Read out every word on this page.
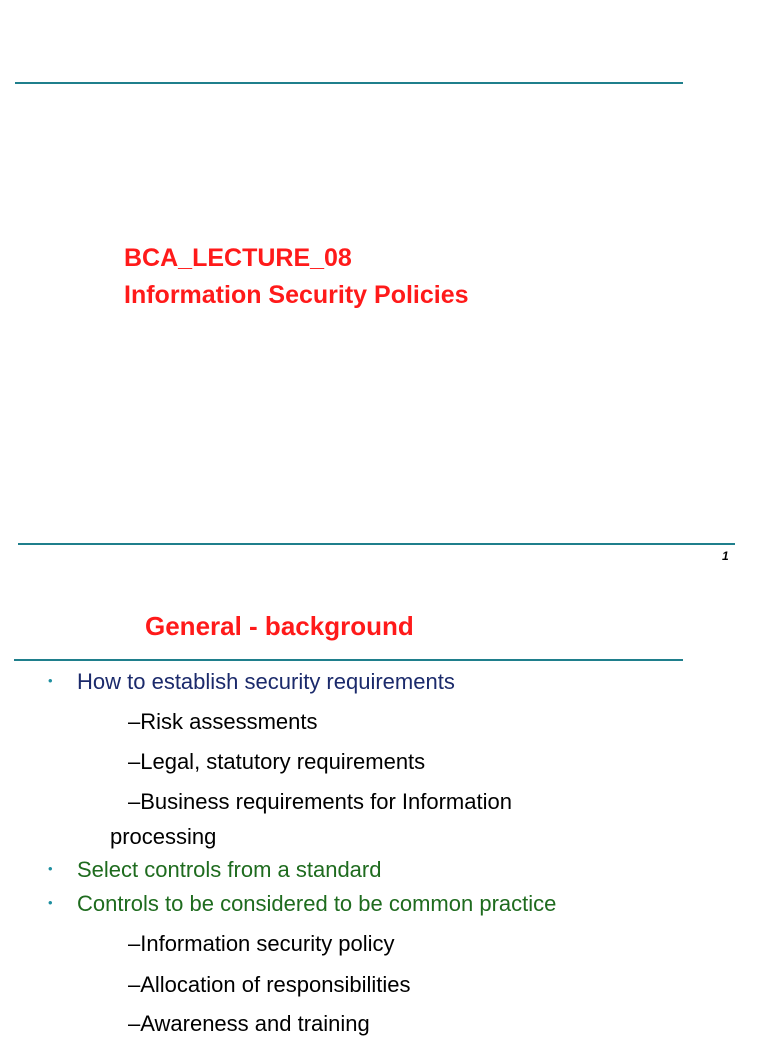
BCA_LECTURE_08
Information Security Policies
1
General - background
• How to establish security requirements
–Risk assessments
–Legal, statutory requirements
–Business requirements for Information
processing
• Select controls from a standard
• Controls to be considered to be common practice
–Information security policy
–Allocation of responsibilities
–Awareness and training
